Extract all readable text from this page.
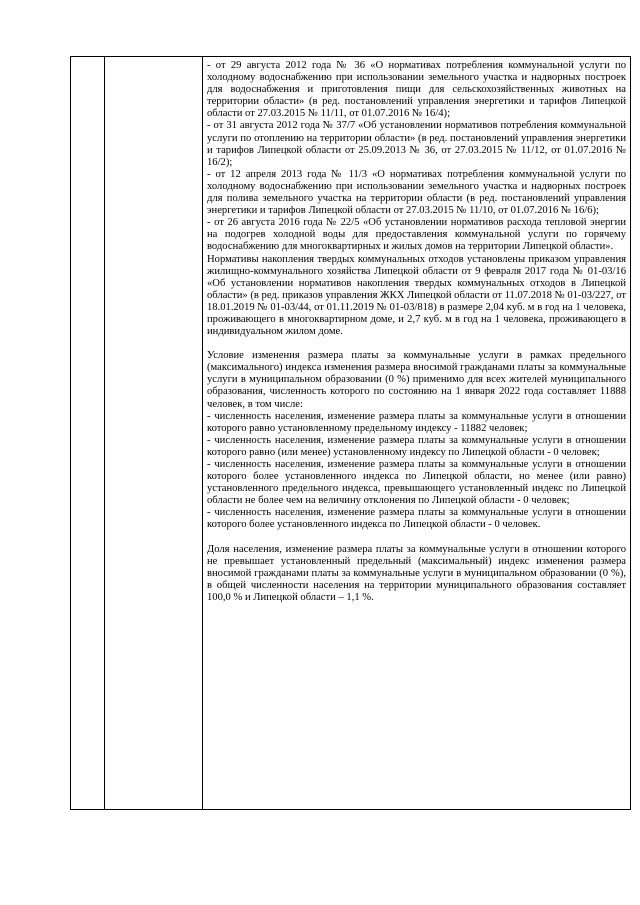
- от 29 августа 2012 года № 36 «О нормативах потребления коммунальной услуги по холодному водоснабжению при использовании земельного участка и надворных построек для водоснабжения и приготовления пищи для сельскохозяйственных животных на территории области» (в ред. постановлений управления энергетики и тарифов Липецкой области от 27.03.2015 № 11/11, от 01.07.2016 № 16/4);

- от 31 августа 2012 года № 37/7 «Об установлении нормативов потребления коммунальной услуги по отоплению на территории области» (в ред. постановлений управления энергетики и тарифов Липецкой области от 25.09.2013 № 36, от 27.03.2015 № 11/12, от 01.07.2016 № 16/2);

- от 12 апреля 2013 года № 11/3 «О нормативах потребления коммунальной услуги по холодному водоснабжению при использовании земельного участка и надворных построек для полива земельного участка на территории области (в ред. постановлений управления энергетики и тарифов Липецкой области от 27.03.2015 № 11/10, от 01.07.2016 № 16/6);

- от 26 августа 2016 года № 22/5 «Об установлении нормативов расхода тепловой энергии на подогрев холодной воды для предоставления коммунальной услуги по горячему водоснабжению для многоквартирных и жилых домов на территории Липецкой области».

Нормативы накопления твердых коммунальных отходов установлены приказом управления жилищно-коммунального хозяйства Липецкой области от 9 февраля 2017 года № 01-03/16 «Об установлении нормативов накопления твердых коммунальных отходов в Липецкой области» (в ред. приказов управления ЖКХ Липецкой области от 11.07.2018 № 01-03/227, от 18.01.2019 № 01-03/44, от 01.11.2019 № 01-03/818) в размере 2,04 куб. м в год на 1 человека, проживающего в многоквартирном доме, и 2,7 куб. м в год на 1 человека, проживающего в индивидуальном жилом доме.

Условие изменения размера платы за коммунальные услуги в рамках предельного (максимального) индекса изменения размера вносимой гражданами платы за коммунальные услуги в муниципальном образовании (0 %) применимо для всех жителей муниципального образования, численность которого по состоянию на 1 января 2022 года составляет 11888 человек, в том числе:

- численность населения, изменение размера платы за коммунальные услуги в отношении которого равно установленному предельному индексу - 11882 человек;

- численность населения, изменение размера платы за коммунальные услуги в отношении которого равно (или менее) установленному индексу по Липецкой области - 0 человек;

- численность населения, изменение размера платы за коммунальные услуги в отношении которого более установленного индекса по Липецкой области, но менее (или равно) установленного предельного индекса, превышающего установленный индекс по Липецкой области не более чем на величину отклонения по Липецкой области - 0 человек;

- численность населения, изменение размера платы за коммунальные услуги в отношении которого более установленного индекса по Липецкой области - 0 человек.

Доля населения, изменение размера платы за коммунальные услуги в отношении которого не превышает установленный предельный (максимальный) индекс изменения размера вносимой гражданами платы за коммунальные услуги в муниципальном образовании (0 %), в общей численности населения на территории муниципального образования составляет 100,0 % и Липецкой области – 1,1 %.
